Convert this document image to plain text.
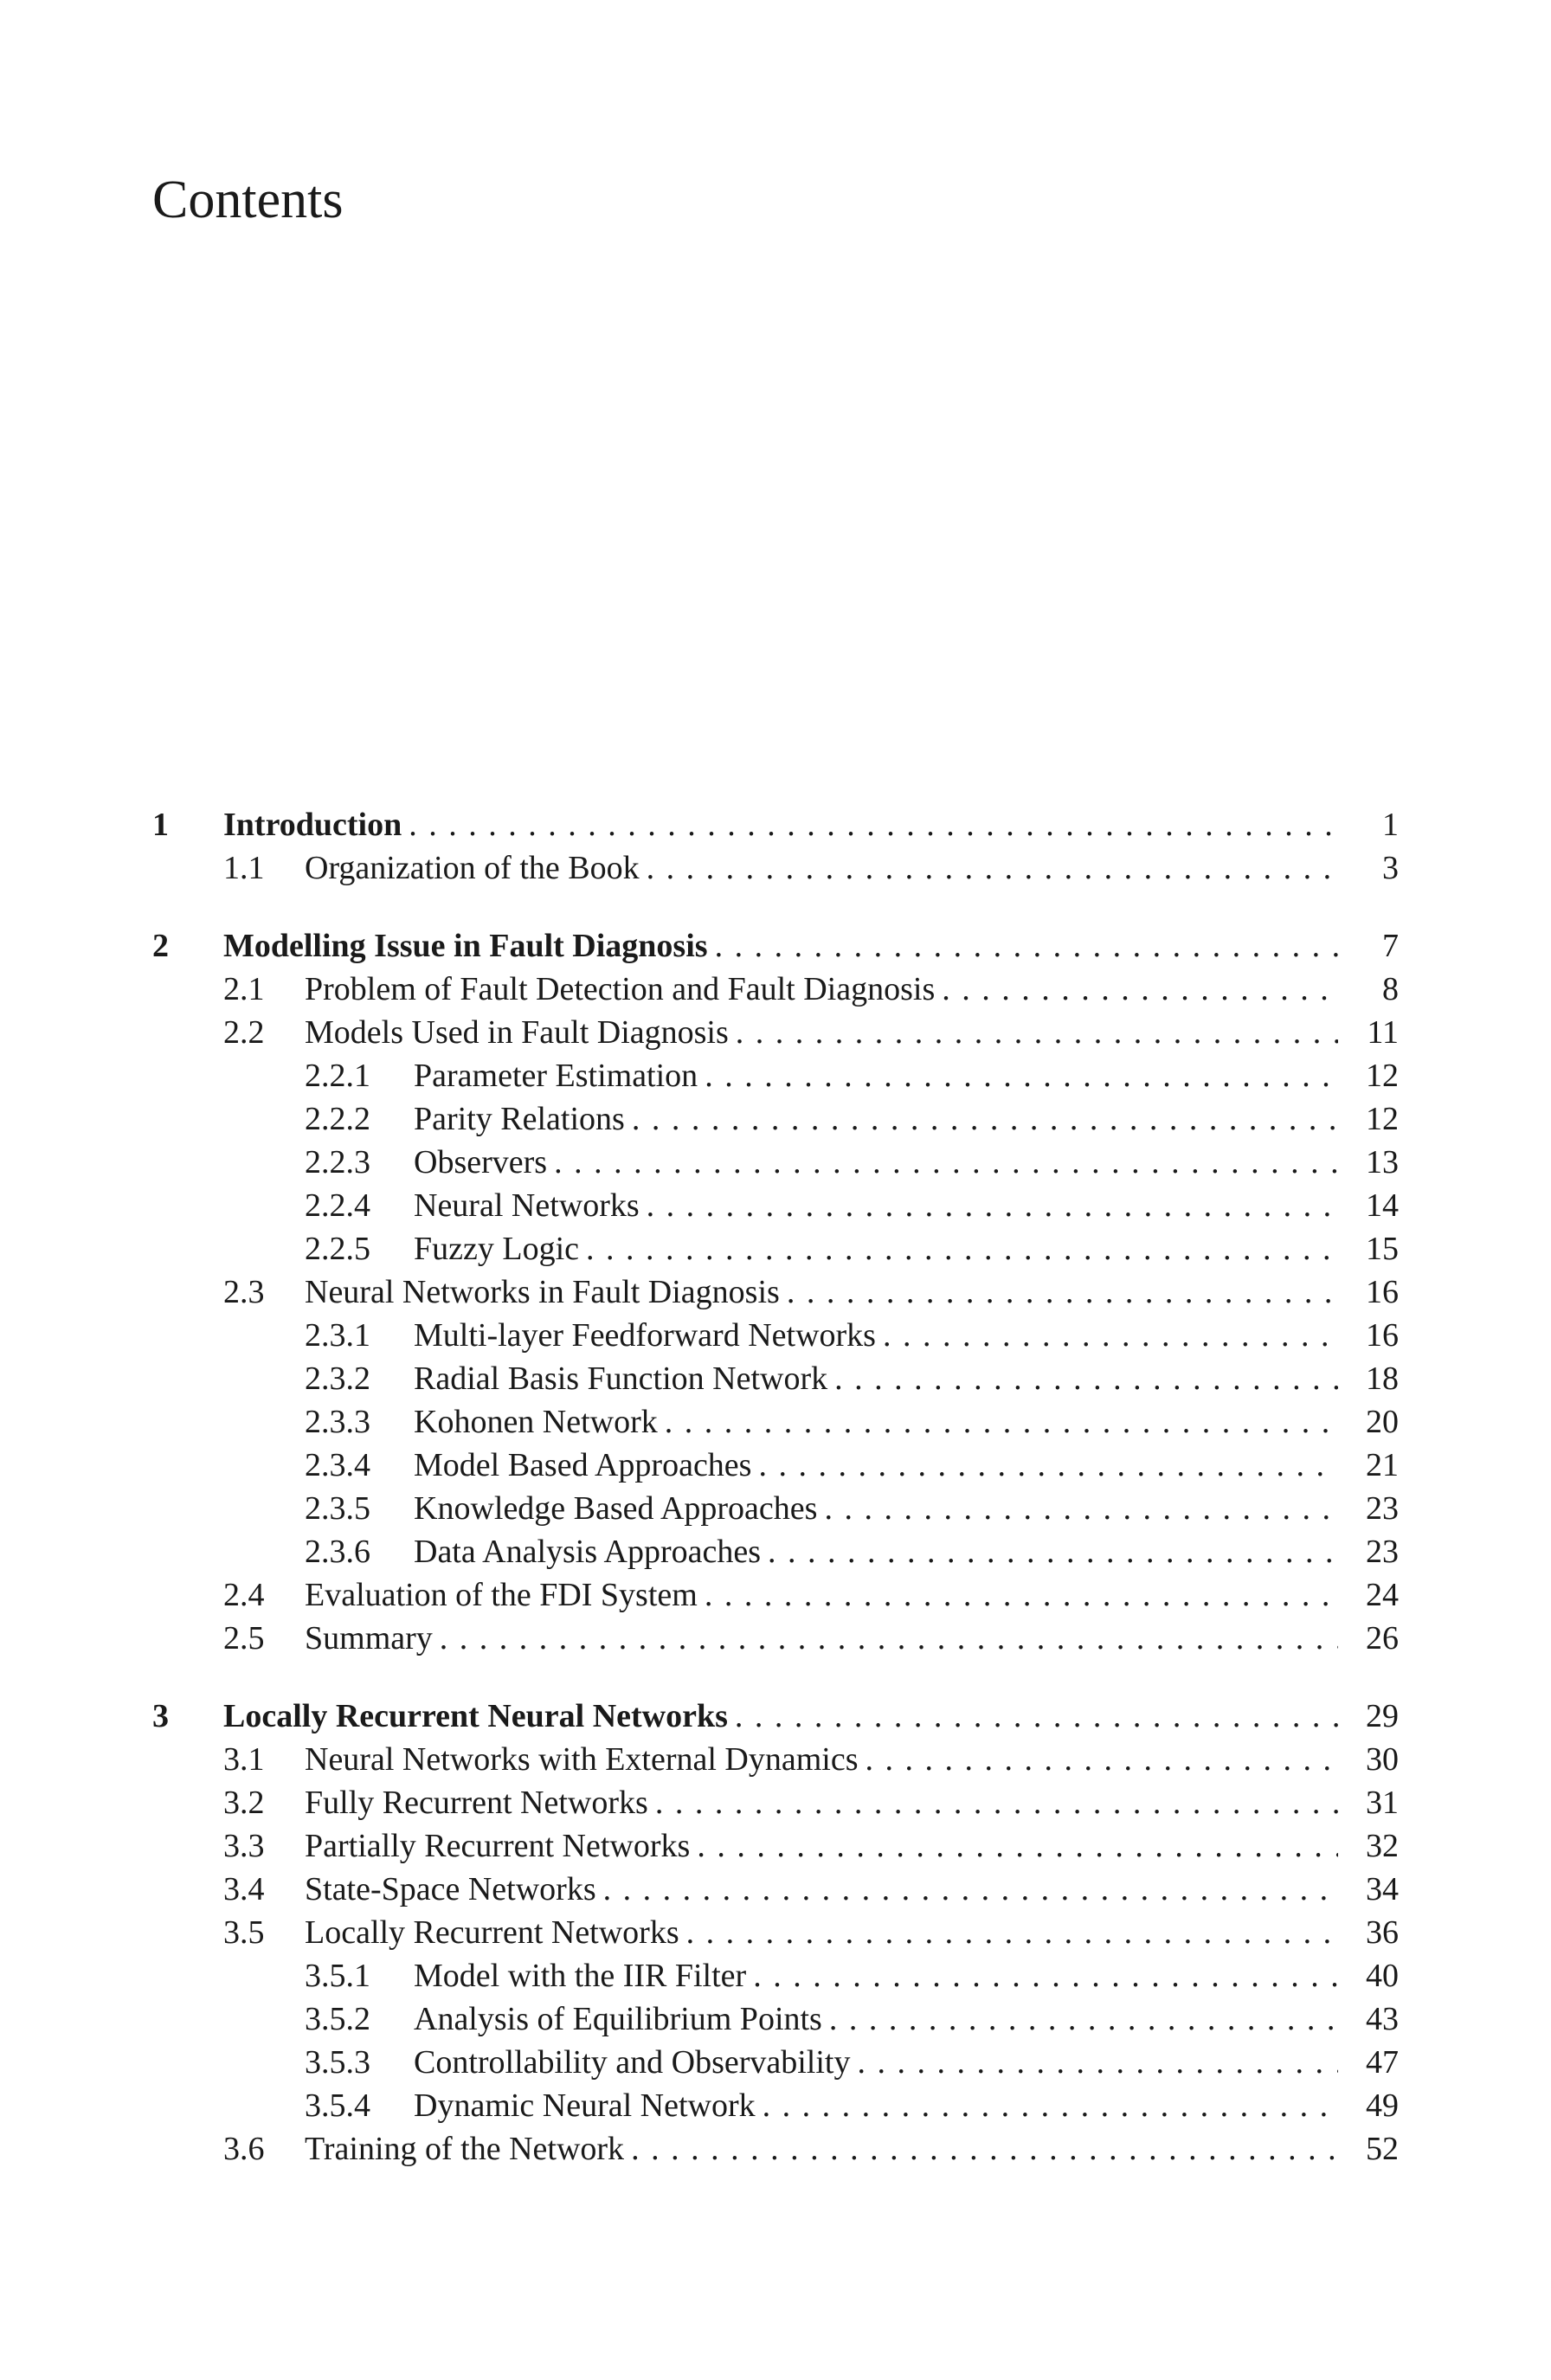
Contents
1	Introduction . . .	1
1.1	Organization of the Book . . .	3
2	Modelling Issue in Fault Diagnosis . . .	7
2.1	Problem of Fault Detection and Fault Diagnosis . . .	8
2.2	Models Used in Fault Diagnosis . . .	11
2.2.1	Parameter Estimation . . .	12
2.2.2	Parity Relations . . .	12
2.2.3	Observers . . .	13
2.2.4	Neural Networks . . .	14
2.2.5	Fuzzy Logic . . .	15
2.3	Neural Networks in Fault Diagnosis . . .	16
2.3.1	Multi-layer Feedforward Networks . . .	16
2.3.2	Radial Basis Function Network . . .	18
2.3.3	Kohonen Network . . .	20
2.3.4	Model Based Approaches . . .	21
2.3.5	Knowledge Based Approaches . . .	23
2.3.6	Data Analysis Approaches . . .	23
2.4	Evaluation of the FDI System . . .	24
2.5	Summary . . .	26
3	Locally Recurrent Neural Networks . . .	29
3.1	Neural Networks with External Dynamics . . .	30
3.2	Fully Recurrent Networks . . .	31
3.3	Partially Recurrent Networks . . .	32
3.4	State-Space Networks . . .	34
3.5	Locally Recurrent Networks . . .	36
3.5.1	Model with the IIR Filter . . .	40
3.5.2	Analysis of Equilibrium Points . . .	43
3.5.3	Controllability and Observability . . .	47
3.5.4	Dynamic Neural Network . . .	49
3.6	Training of the Network . . .	52
